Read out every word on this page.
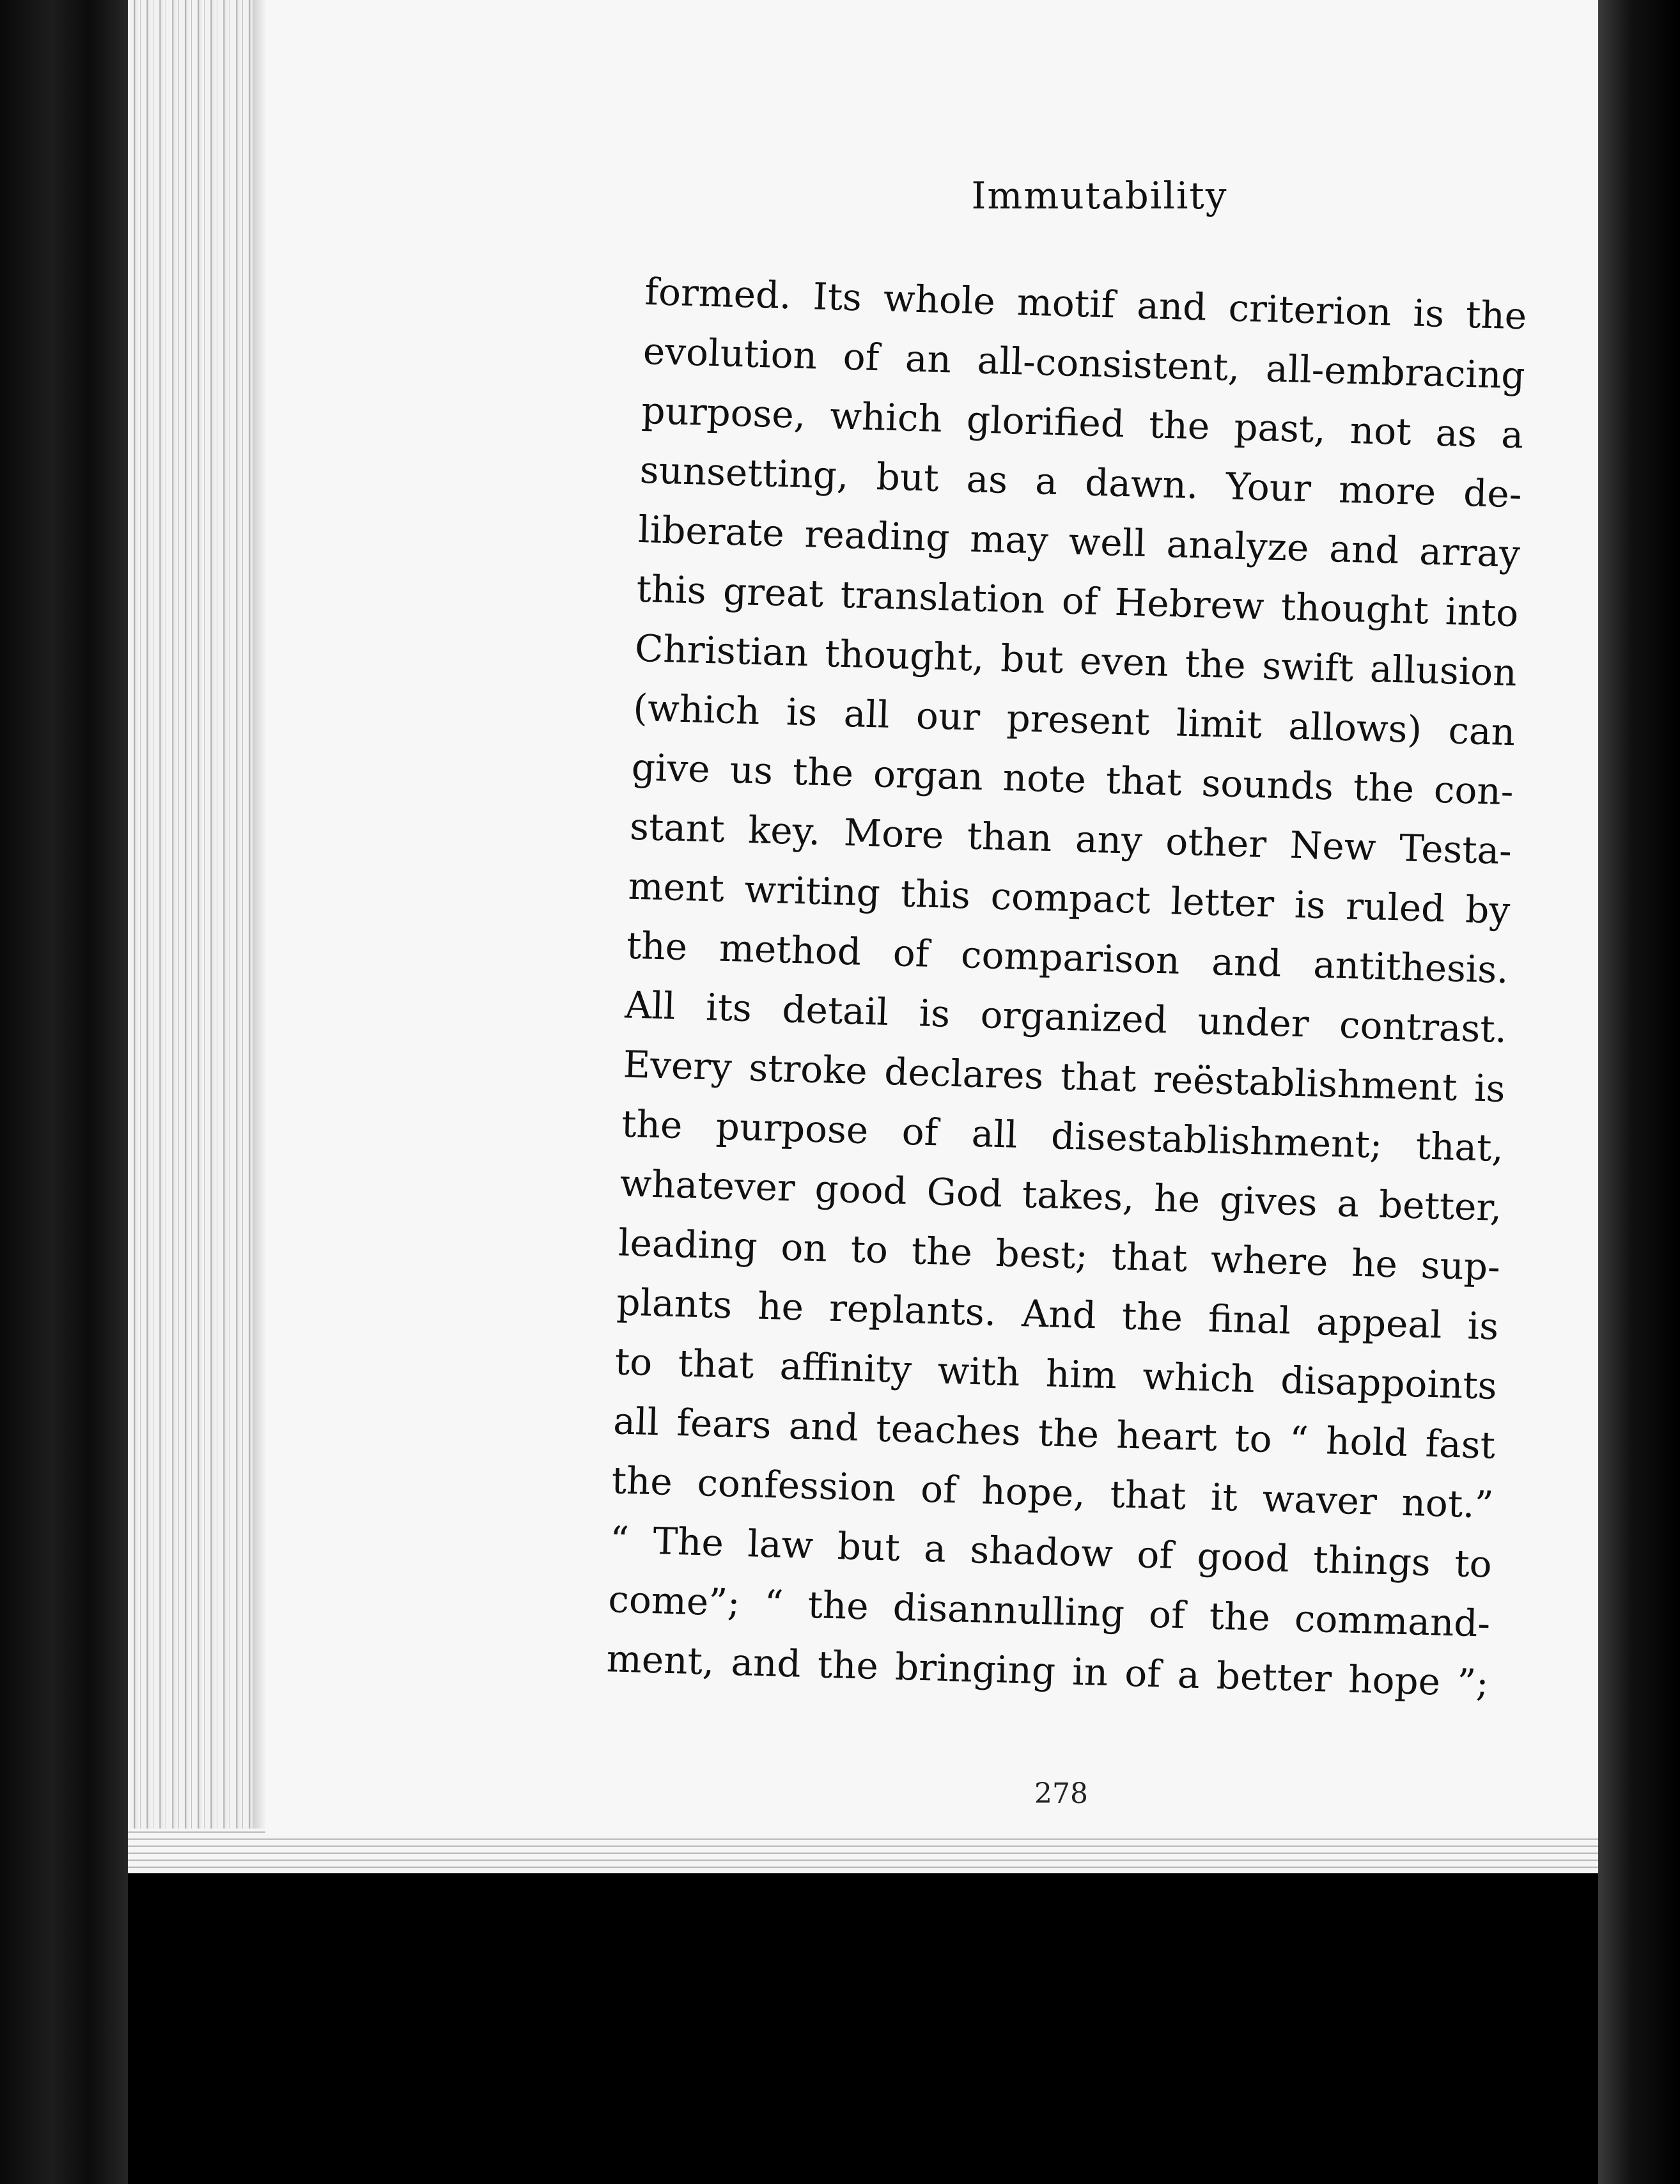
Immutability
formed. Its whole motif and criterion is the
evolution of an all-consistent, all-embracing
purpose, which glorified the past, not as a
sunsetting, but as a dawn. Your more de-
liberate reading may well analyze and array
this great translation of Hebrew thought into
Christian thought, but even the swift allusion
(which is all our present limit allows) can
give us the organ note that sounds the con-
stant key. More than any other New Testa-
ment writing this compact letter is ruled by
the method of comparison and antithesis.
All its detail is organized under contrast.
Every stroke declares that reëstablishment is
the purpose of all disestablishment; that,
whatever good God takes, he gives a better,
leading on to the best; that where he sup-
plants he replants. And the final appeal is
to that affinity with him which disappoints
all fears and teaches the heart to “ hold fast
the confession of hope, that it waver not.”
“ The law but a shadow of good things to
come”; “ the disannulling of the command-
ment, and the bringing in of a better hope ”;
278
